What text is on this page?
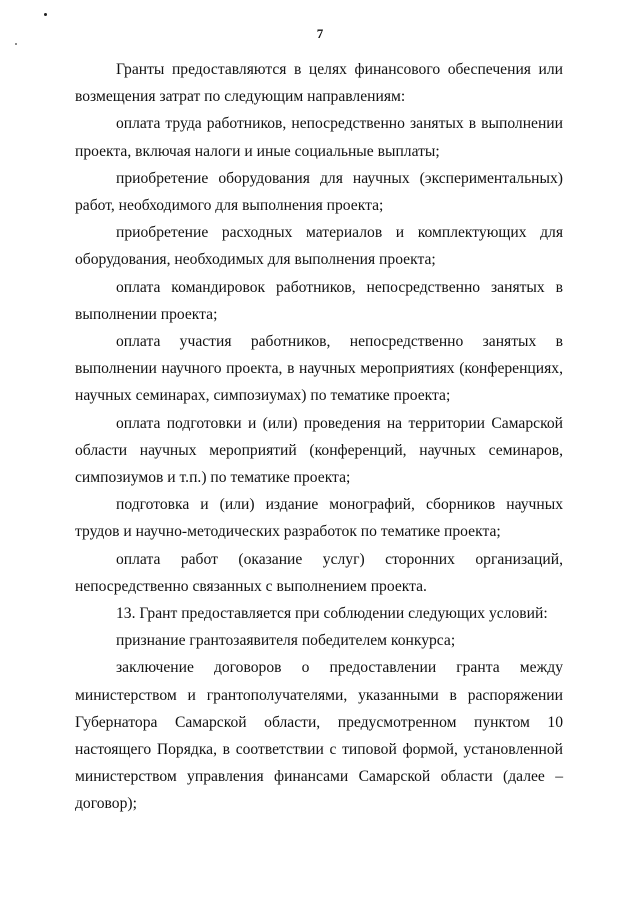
7

Гранты предоставляются в целях финансового обеспечения или возмещения затрат по следующим направлениям:

оплата труда работников, непосредственно занятых в выполнении проекта, включая налоги и иные социальные выплаты;

приобретение оборудования для научных (экспериментальных) работ, необходимого для выполнения проекта;

приобретение расходных материалов и комплектующих для оборудования, необходимых для выполнения проекта;

оплата командировок работников, непосредственно занятых в выполнении проекта;

оплата участия работников, непосредственно занятых в выполнении научного проекта, в научных мероприятиях (конференциях, научных семинарах, симпозиумах) по тематике проекта;

оплата подготовки и (или) проведения на территории Самарской области научных мероприятий (конференций, научных семинаров, симпозиумов и т.п.) по тематике проекта;

подготовка и (или) издание монографий, сборников научных трудов и научно-методических разработок по тематике проекта;

оплата работ (оказание услуг) сторонних организаций, непосредственно связанных с выполнением проекта.

13. Грант предоставляется при соблюдении следующих условий:

признание грантозаявителя победителем конкурса;

заключение договоров о предоставлении гранта между министерством и грантополучателями, указанными в распоряжении Губернатора Самарской области, предусмотренном пунктом 10 настоящего Порядка, в соответствии с типовой формой, установленной министерством управления финансами Самарской области (далее – договор);
